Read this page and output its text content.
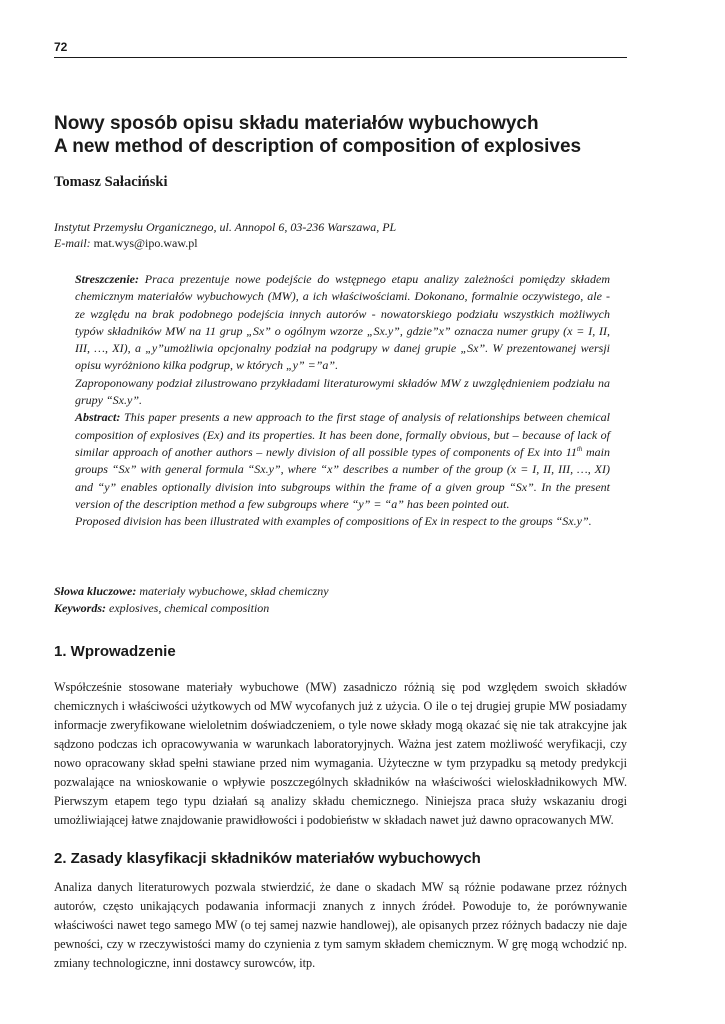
72
Nowy sposób opisu składu materiałów wybuchowych
A new method of description of composition of explosives
Tomasz Sałaciński
Instytut Przemysłu Organicznego, ul. Annopol 6, 03-236 Warszawa, PL
E-mail: mat.wys@ipo.waw.pl

Streszczenie: Praca prezentuje nowe podejście do wstępnego etapu analizy zależności pomiędzy składem chemicznym materiałów wybuchowych (MW), a ich właściwościami. Dokonano, formalnie oczywistego, ale - ze względu na brak podobnego podejścia innych autorów - nowatorskiego podziału wszystkich możliwych typów składników MW na 11 grup „Sx” o ogólnym wzorze „Sx.y”, gdzie”x” oznacza numer grupy (x = I, II, III, …, XI), a „y”umożliwia opcjonalny podział na podgrupy w danej grupie „Sx”. W prezentowanej wersji opisu wyróżniono kilka podgrup, w których „y” =”a”.

Zaproponowany podział zilustrowano przykładami literaturowymi składów MW z uwzględnieniem podziału na grupy “Sx.y”.

Abstract: This paper presents a new approach to the first stage of analysis of relationships between chemical composition of explosives (Ex) and its properties. It has been done, formally obvious, but – because of lack of similar approach of another authors – newly division of all possible types of components of Ex into 11th main groups “Sx” with general formula “Sx.y”, where “x” describes a number of the group (x = I, II, III, …, XI) and “y” enables optionally division into subgroups within the frame of a given group “Sx”. In the present version of the description method a few subgroups where “y” = “a” has been pointed out.

Proposed division has been illustrated with examples of compositions of Ex in respect to the groups “Sx.y”.

Słowa kluczowe: materiały wybuchowe, skład chemiczny

Keywords: explosives, chemical composition

1. Wprowadzenie

Współcześnie stosowane materiały wybuchowe (MW) zasadniczo różnią się pod względem swoich składów chemicznych i właściwości użytkowych od MW wycofanych już z użycia. O ile o tej drugiej grupie MW posiadamy informacje zweryfikowane wieloletnim doświadczeniem, o tyle nowe składy mogą okazać się nie tak atrakcyjne jak sądzono podczas ich opracowywania w warunkach laboratoryjnych. Ważna jest zatem możliwość weryfikacji, czy nowo opracowany skład spełni stawiane przed nim wymagania. Użyteczne w tym przypadku są metody predykcji pozwalające na wnioskowanie o wpływie poszczególnych składników na właściwości wieloskładnikowych MW. Pierwszym etapem tego typu działań są analizy składu chemicznego. Niniejsza praca służy wskazaniu drogi umożliwiającej łatwe znajdowanie prawidłowości i podobieństw w składach nawet już dawno opracowanych MW.

2. Zasady klasyfikacji składników materiałów wybuchowych

Analiza danych literaturowych pozwala stwierdzić, że dane o skadach MW są różnie podawane przez różnych autorów, często unikających podawania informacji znanych z innych źródeł. Powoduje to, że porównywanie właściwości nawet tego samego MW (o tej samej nazwie handlowej), ale opisanych przez różnych badaczy nie daje pewności, czy w rzeczywistości mamy do czynienia z tym samym składem chemicznym. W grę mogą wchodzić np. zmiany technologiczne, inni dostawcy surowców, itp.
